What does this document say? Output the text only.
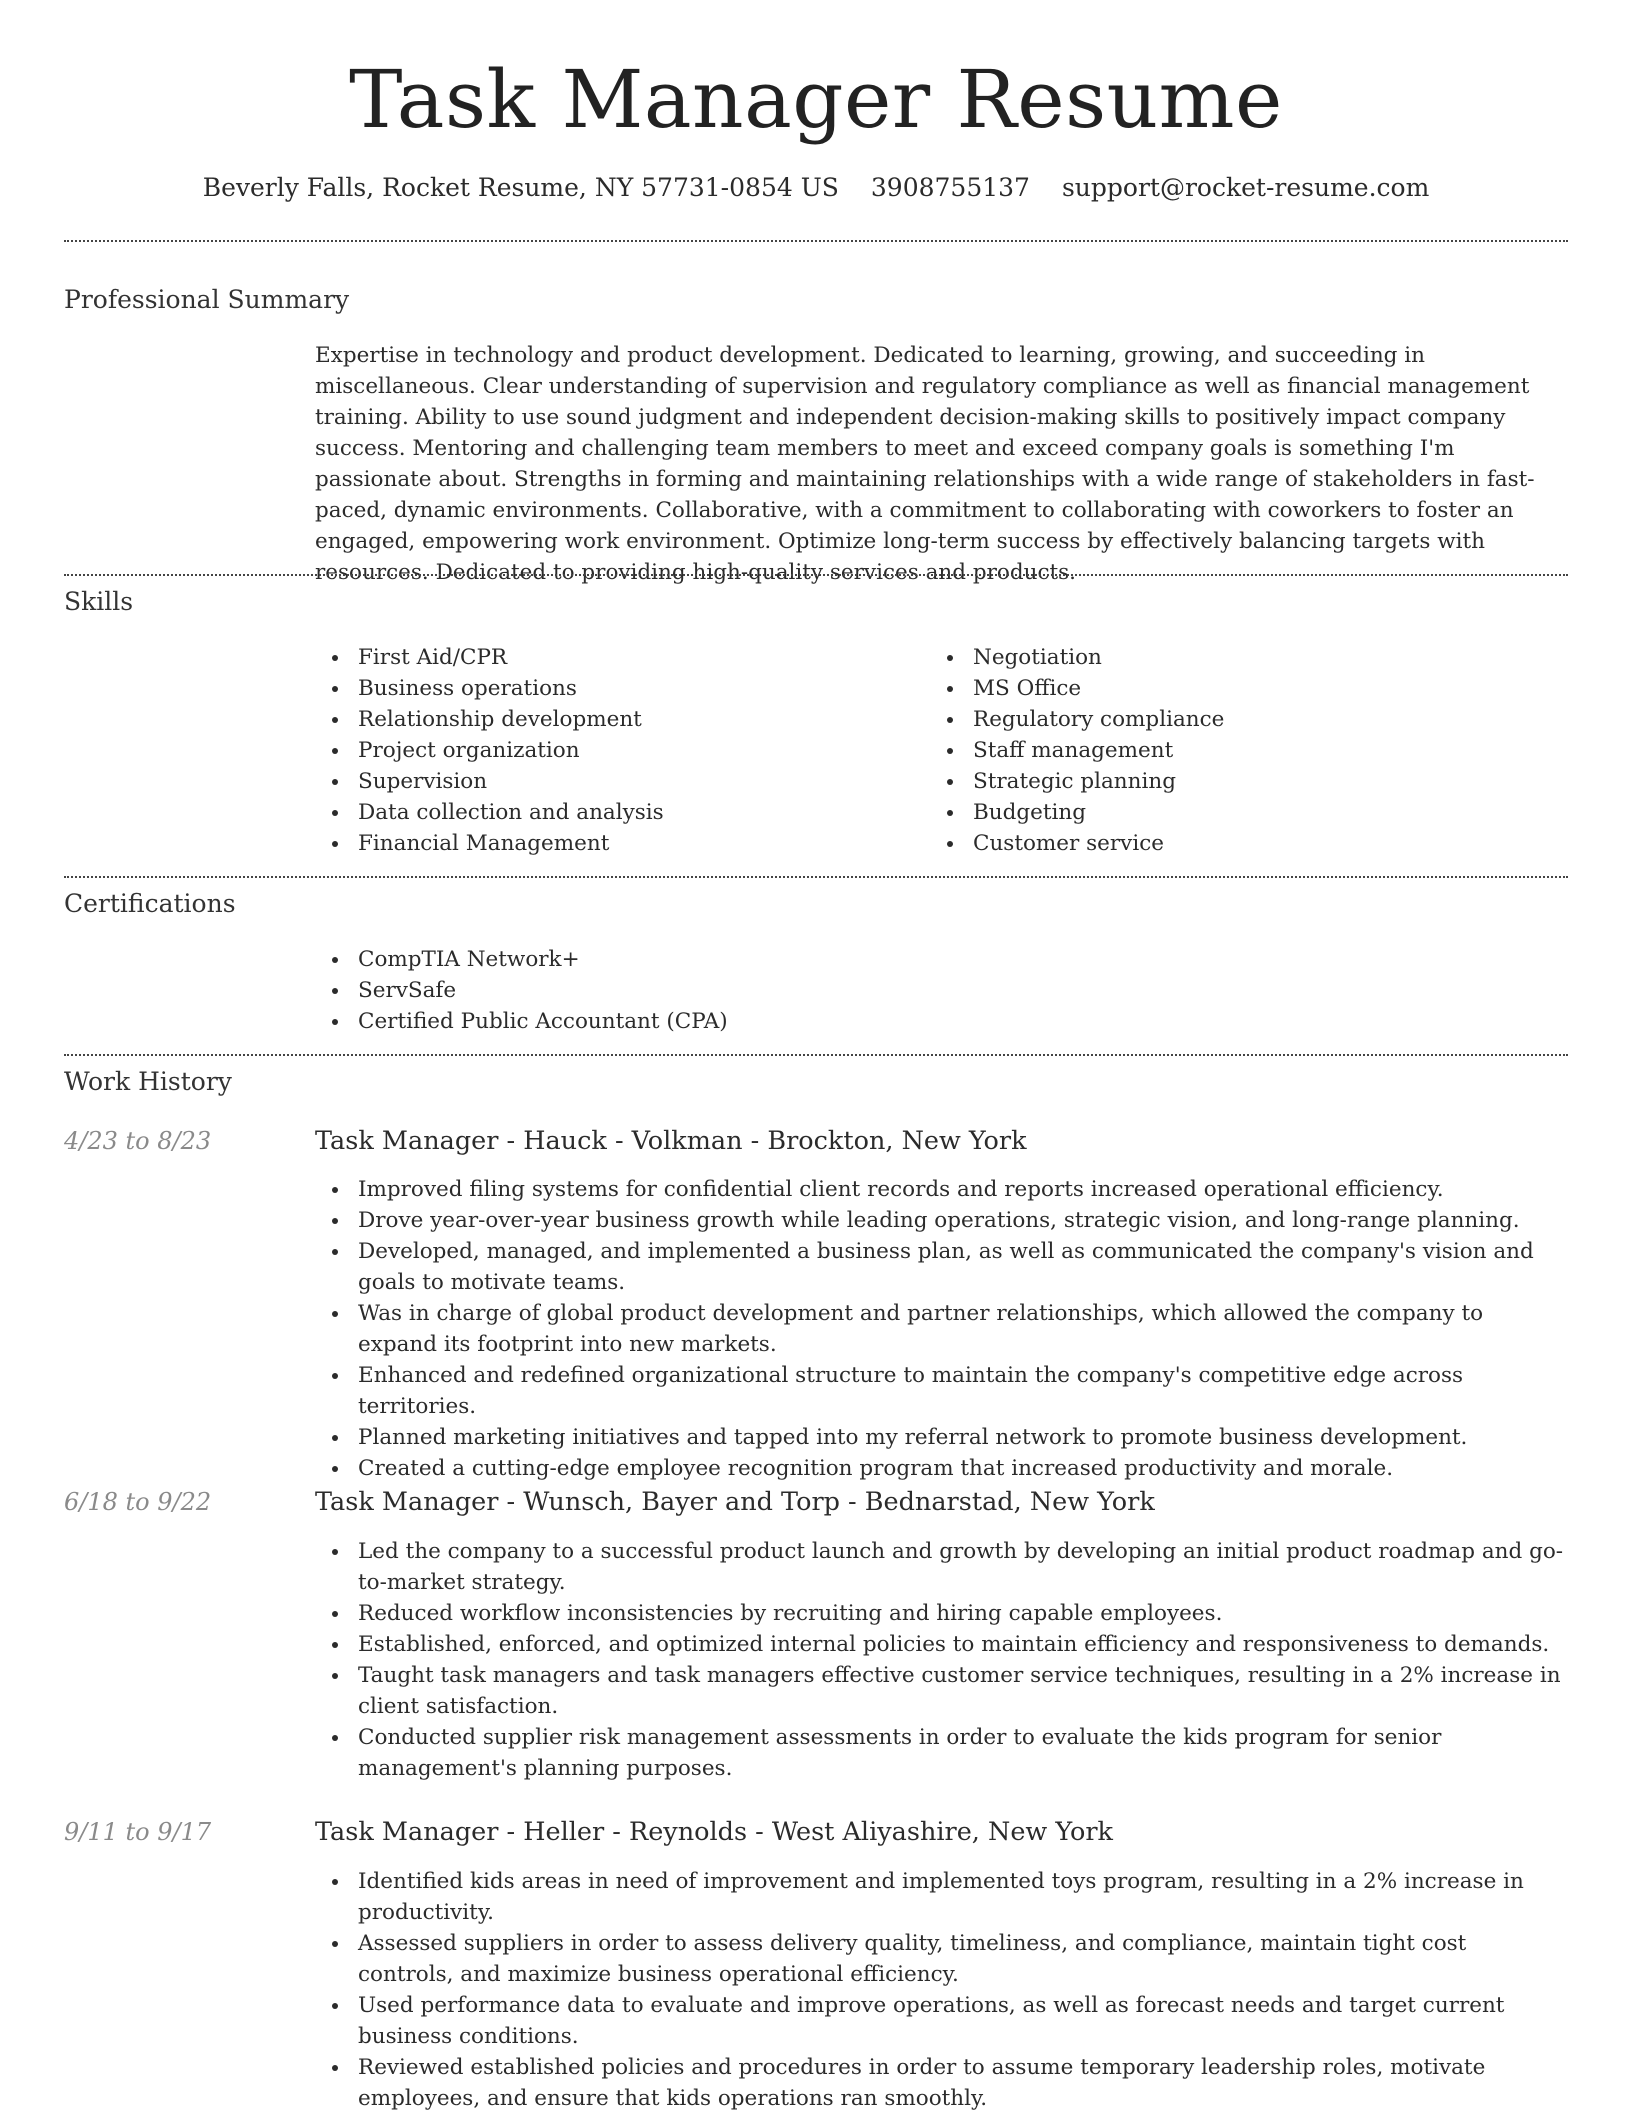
Task Manager Resume
Beverly Falls, Rocket Resume, NY 57731-0854 US 3908755137 support@rocket-resume.com
Professional Summary

Expertise in technology and product development. Dedicated to learning, growing, and succeeding in miscellaneous. Clear understanding of supervision and regulatory compliance as well as financial management training. Ability to use sound judgment and independent decision-making skills to positively impact company success. Mentoring and challenging team members to meet and exceed company goals is something I'm passionate about. Strengths in forming and maintaining relationships with a wide range of stakeholders in fast-paced, dynamic environments. Collaborative, with a commitment to collaborating with coworkers to foster an engaged, empowering work environment. Optimize long-term success by effectively balancing targets with resources. Dedicated to providing high-quality services and products.

Skills
First Aid/CPR
Business operations
Relationship development
Project organization
Supervision
Data collection and analysis
Financial Management
Negotiation
MS Office
Regulatory compliance
Staff management
Strategic planning
Budgeting
Customer service
Certifications
CompTIA Network+
ServSafe
Certified Public Accountant (CPA)
Work History
4/23 to 8/23	Task Manager - Hauck - Volkman - Brockton, New York
Improved filing systems for confidential client records and reports increased operational efficiency.
Drove year-over-year business growth while leading operations, strategic vision, and long-range planning.
Developed, managed, and implemented a business plan, as well as communicated the company's vision and goals to motivate teams.
Was in charge of global product development and partner relationships, which allowed the company to expand its footprint into new markets.
Enhanced and redefined organizational structure to maintain the company's competitive edge across territories.
Planned marketing initiatives and tapped into my referral network to promote business development.
Created a cutting-edge employee recognition program that increased productivity and morale.
6/18 to 9/22	Task Manager - Wunsch, Bayer and Torp - Bednarstad, New York
Led the company to a successful product launch and growth by developing an initial product roadmap and go-to-market strategy.
Reduced workflow inconsistencies by recruiting and hiring capable employees.
Established, enforced, and optimized internal policies to maintain efficiency and responsiveness to demands.
Taught task managers and task managers effective customer service techniques, resulting in a 2% increase in client satisfaction.
Conducted supplier risk management assessments in order to evaluate the kids program for senior management's planning purposes.
9/11 to 9/17	Task Manager - Heller - Reynolds - West Aliyashire, New York
Identified kids areas in need of improvement and implemented toys program, resulting in a 2% increase in productivity.
Assessed suppliers in order to assess delivery quality, timeliness, and compliance, maintain tight cost controls, and maximize business operational efficiency.
Used performance data to evaluate and improve operations, as well as forecast needs and target current business conditions.
Reviewed established policies and procedures in order to assume temporary leadership roles, motivate employees, and ensure that kids operations ran smoothly.
